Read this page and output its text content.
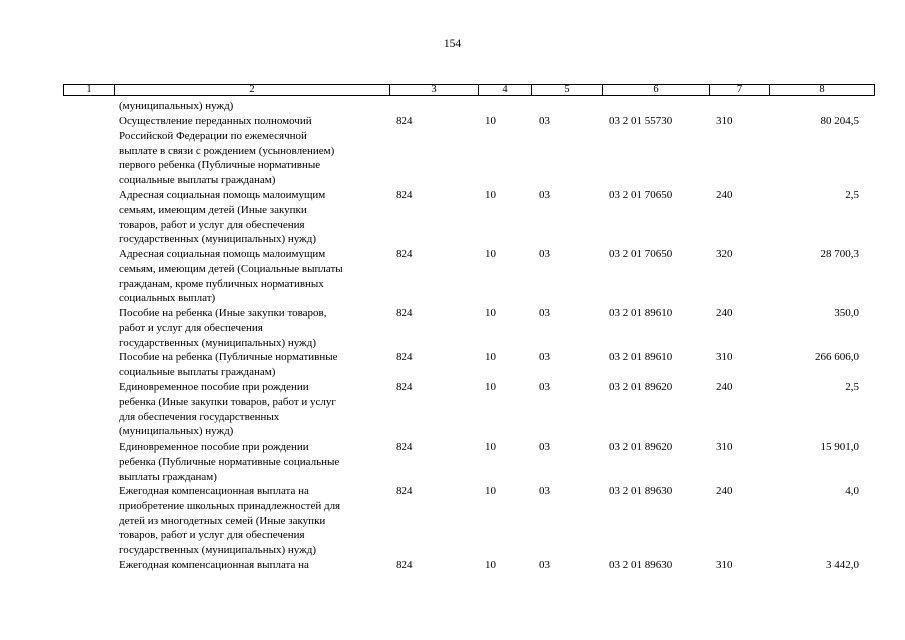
154
1	2	3	4	5	6	7	8
(муниципальных) нужд)
Осуществление переданных полномочий
Российской Федерации по ежемесячной
выплате в связи с рождением (усыновлением)
первого ребенка (Публичные нормативные
социальные выплаты гражданам)
824	10	03	03 2 01 55730	310	80 204,5
Адресная социальная помощь малоимущим
семьям, имеющим детей (Иные закупки
товаров, работ и услуг для обеспечения
государственных (муниципальных) нужд)
824	10	03	03 2 01 70650	240	2,5
Адресная социальная помощь малоимущим
семьям, имеющим детей (Социальные выплаты
гражданам, кроме публичных нормативных
социальных выплат)
824	10	03	03 2 01 70650	320	28 700,3
Пособие на ребенка (Иные закупки товаров,
работ и услуг для обеспечения
государственных (муниципальных) нужд)
824	10	03	03 2 01 89610	240	350,0
Пособие на ребенка (Публичные нормативные
социальные выплаты гражданам)
824	10	03	03 2 01 89610	310	266 606,0
Единовременное пособие при рождении
ребенка (Иные закупки товаров, работ и услуг
для обеспечения государственных
(муниципальных) нужд)
824	10	03	03 2 01 89620	240	2,5
Единовременное пособие при рождении
ребенка (Публичные нормативные социальные
выплаты гражданам)
824	10	03	03 2 01 89620	310	15 901,0
Ежегодная компенсационная выплата на
приобретение школьных принадлежностей для
детей из многодетных семей (Иные закупки
товаров, работ и услуг для обеспечения
государственных (муниципальных) нужд)
824	10	03	03 2 01 89630	240	4,0
Ежегодная компенсационная выплата на	824	10	03	03 2 01 89630	310	3 442,0
